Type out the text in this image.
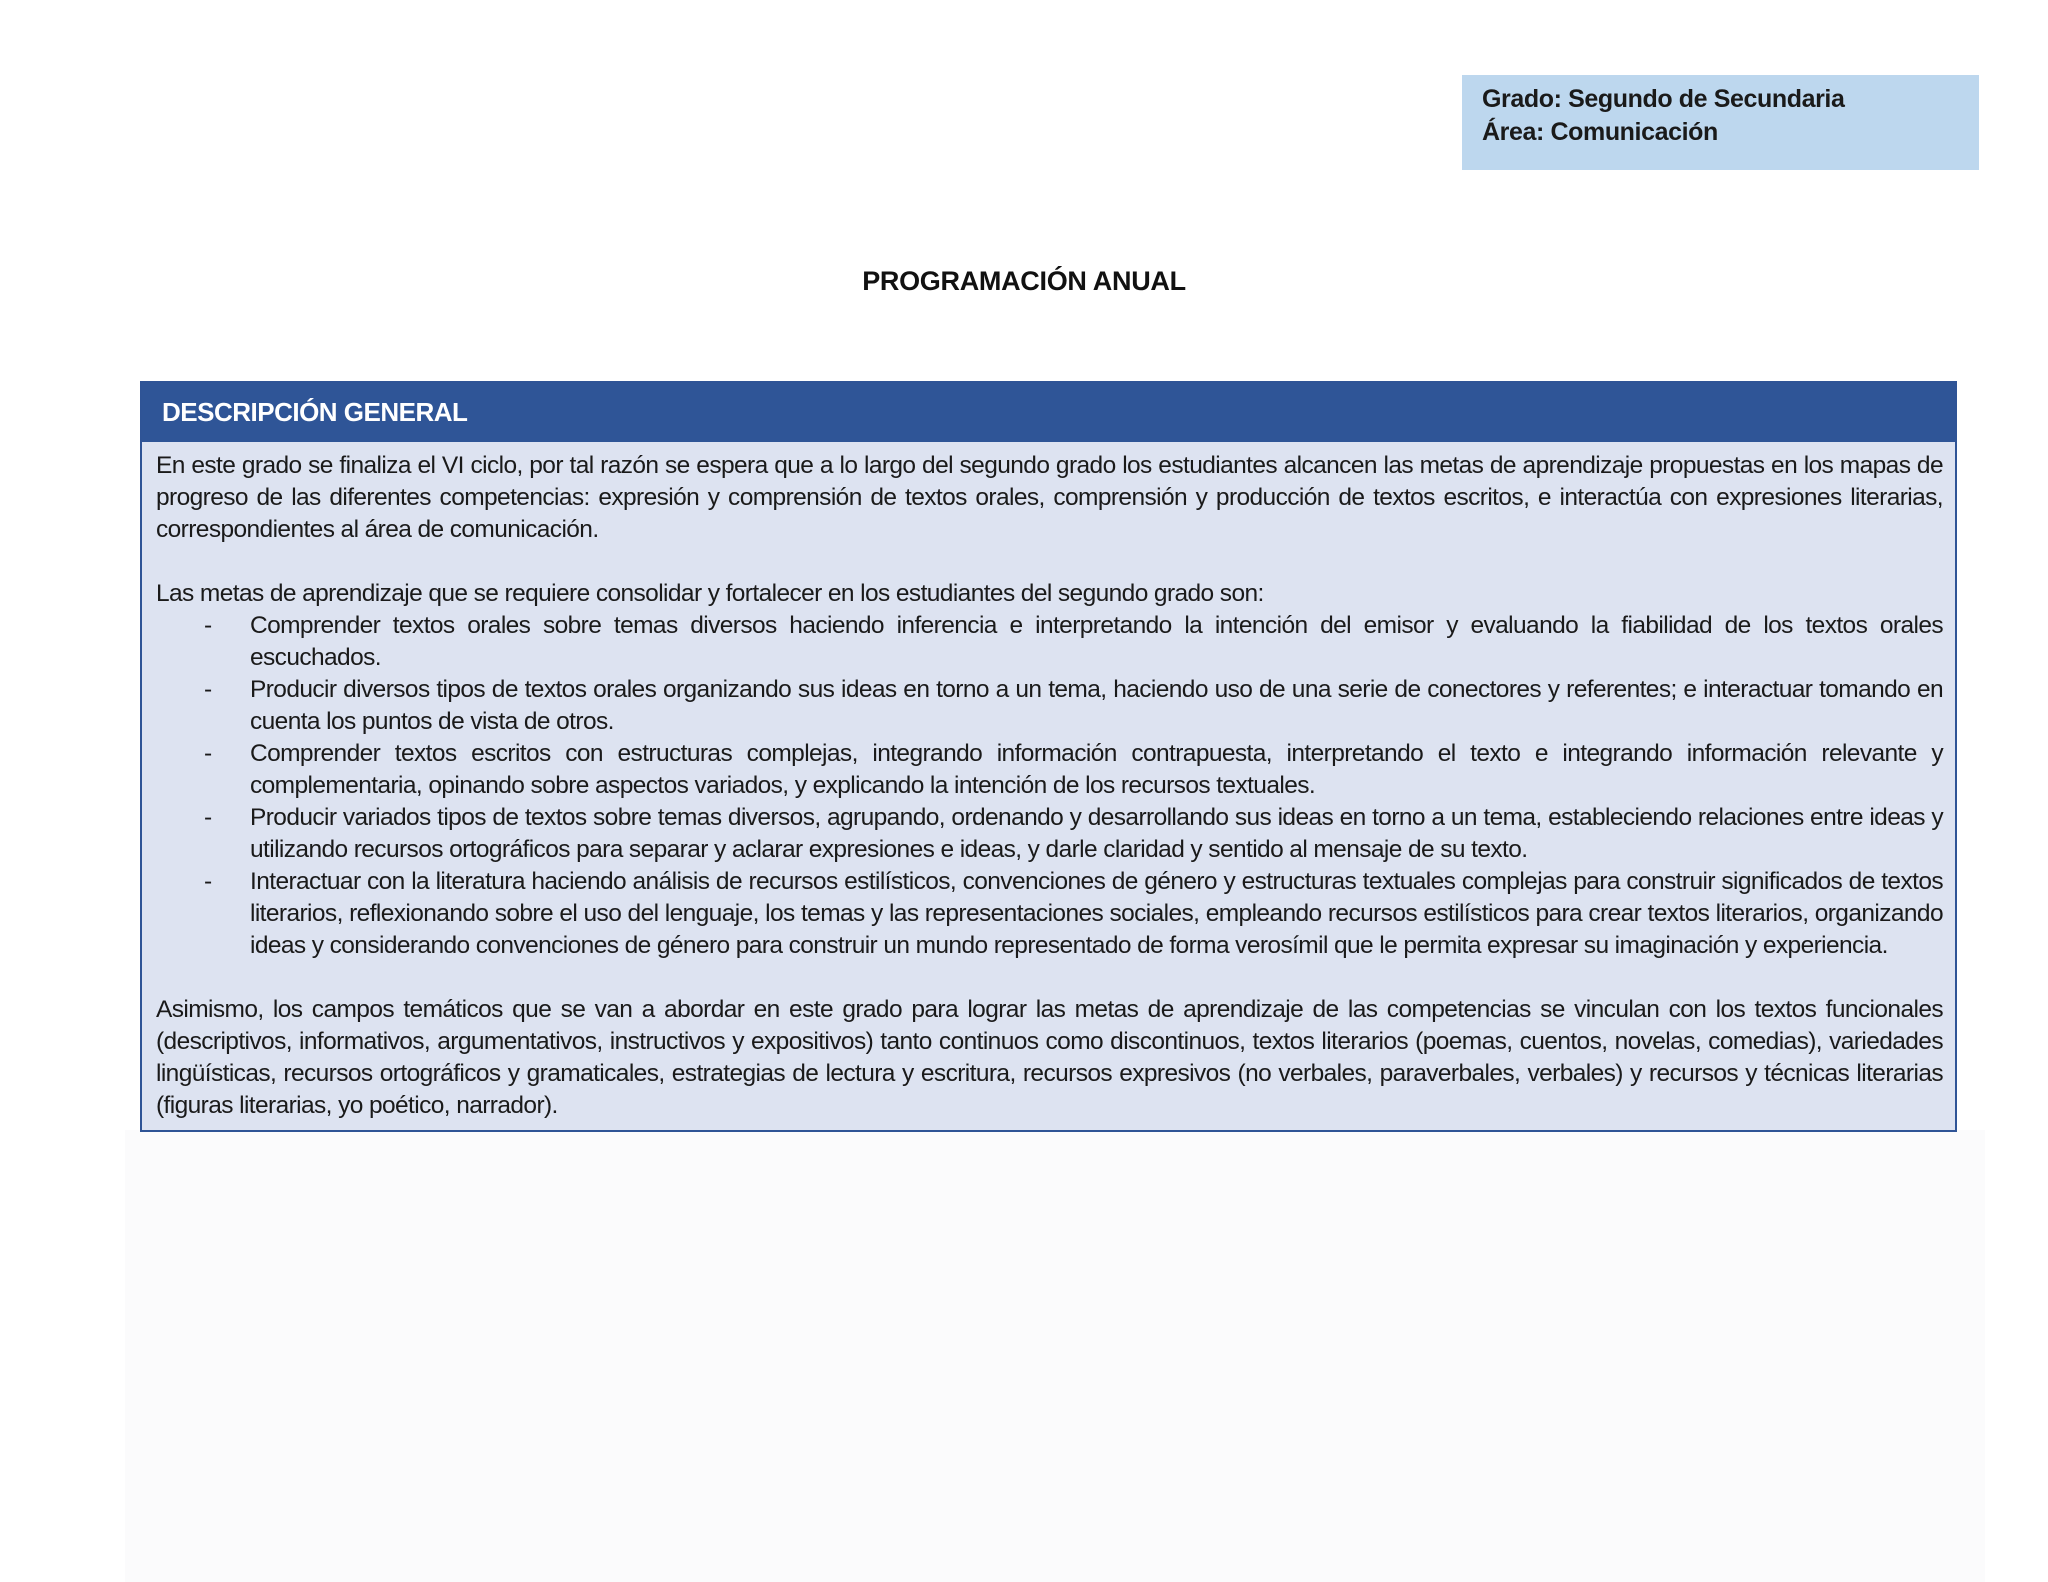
Grado: Segundo de Secundaria
Área: Comunicación
PROGRAMACIÓN ANUAL
DESCRIPCIÓN GENERAL

En este grado se finaliza el VI ciclo, por tal razón se espera que a lo largo del segundo grado los estudiantes alcancen las metas de aprendizaje propuestas en los mapas de progreso de las diferentes competencias: expresión y comprensión de textos orales, comprensión y producción de textos escritos, e interactúa con expresiones literarias, correspondientes al área de comunicación.

Las metas de aprendizaje que se requiere consolidar y fortalecer en los estudiantes del segundo grado son:

- Comprender textos orales sobre temas diversos haciendo inferencia e interpretando la intención del emisor y evaluando la fiabilidad de los textos orales escuchados.
- Producir diversos tipos de textos orales organizando sus ideas en torno a un tema, haciendo uso de una serie de conectores y referentes; e interactuar tomando en cuenta los puntos de vista de otros.
- Comprender textos escritos con estructuras complejas, integrando información contrapuesta, interpretando el texto e integrando información relevante y complementaria, opinando sobre aspectos variados, y explicando la intención de los recursos textuales.
- Producir variados tipos de textos sobre temas diversos, agrupando, ordenando y desarrollando sus ideas en torno a un tema, estableciendo relaciones entre ideas y utilizando recursos ortográficos para separar y aclarar expresiones e ideas, y darle claridad y sentido al mensaje de su texto.
- Interactuar con la literatura haciendo análisis de recursos estilísticos, convenciones de género y estructuras textuales complejas para construir significados de textos literarios, reflexionando sobre el uso del lenguaje, los temas y las representaciones sociales, empleando recursos estilísticos para crear textos literarios, organizando ideas y considerando convenciones de género para construir un mundo representado de forma verosímil que le permita expresar su imaginación y experiencia.

Asimismo, los campos temáticos que se van a abordar en este grado para lograr las metas de aprendizaje de las competencias se vinculan con los textos funcionales (descriptivos, informativos, argumentativos, instructivos y expositivos) tanto continuos como discontinuos, textos literarios (poemas, cuentos, novelas, comedias), variedades lingüísticas, recursos ortográficos y gramaticales, estrategias de lectura y escritura, recursos expresivos (no verbales, paraverbales, verbales) y recursos y técnicas literarias (figuras literarias, yo poético, narrador).
